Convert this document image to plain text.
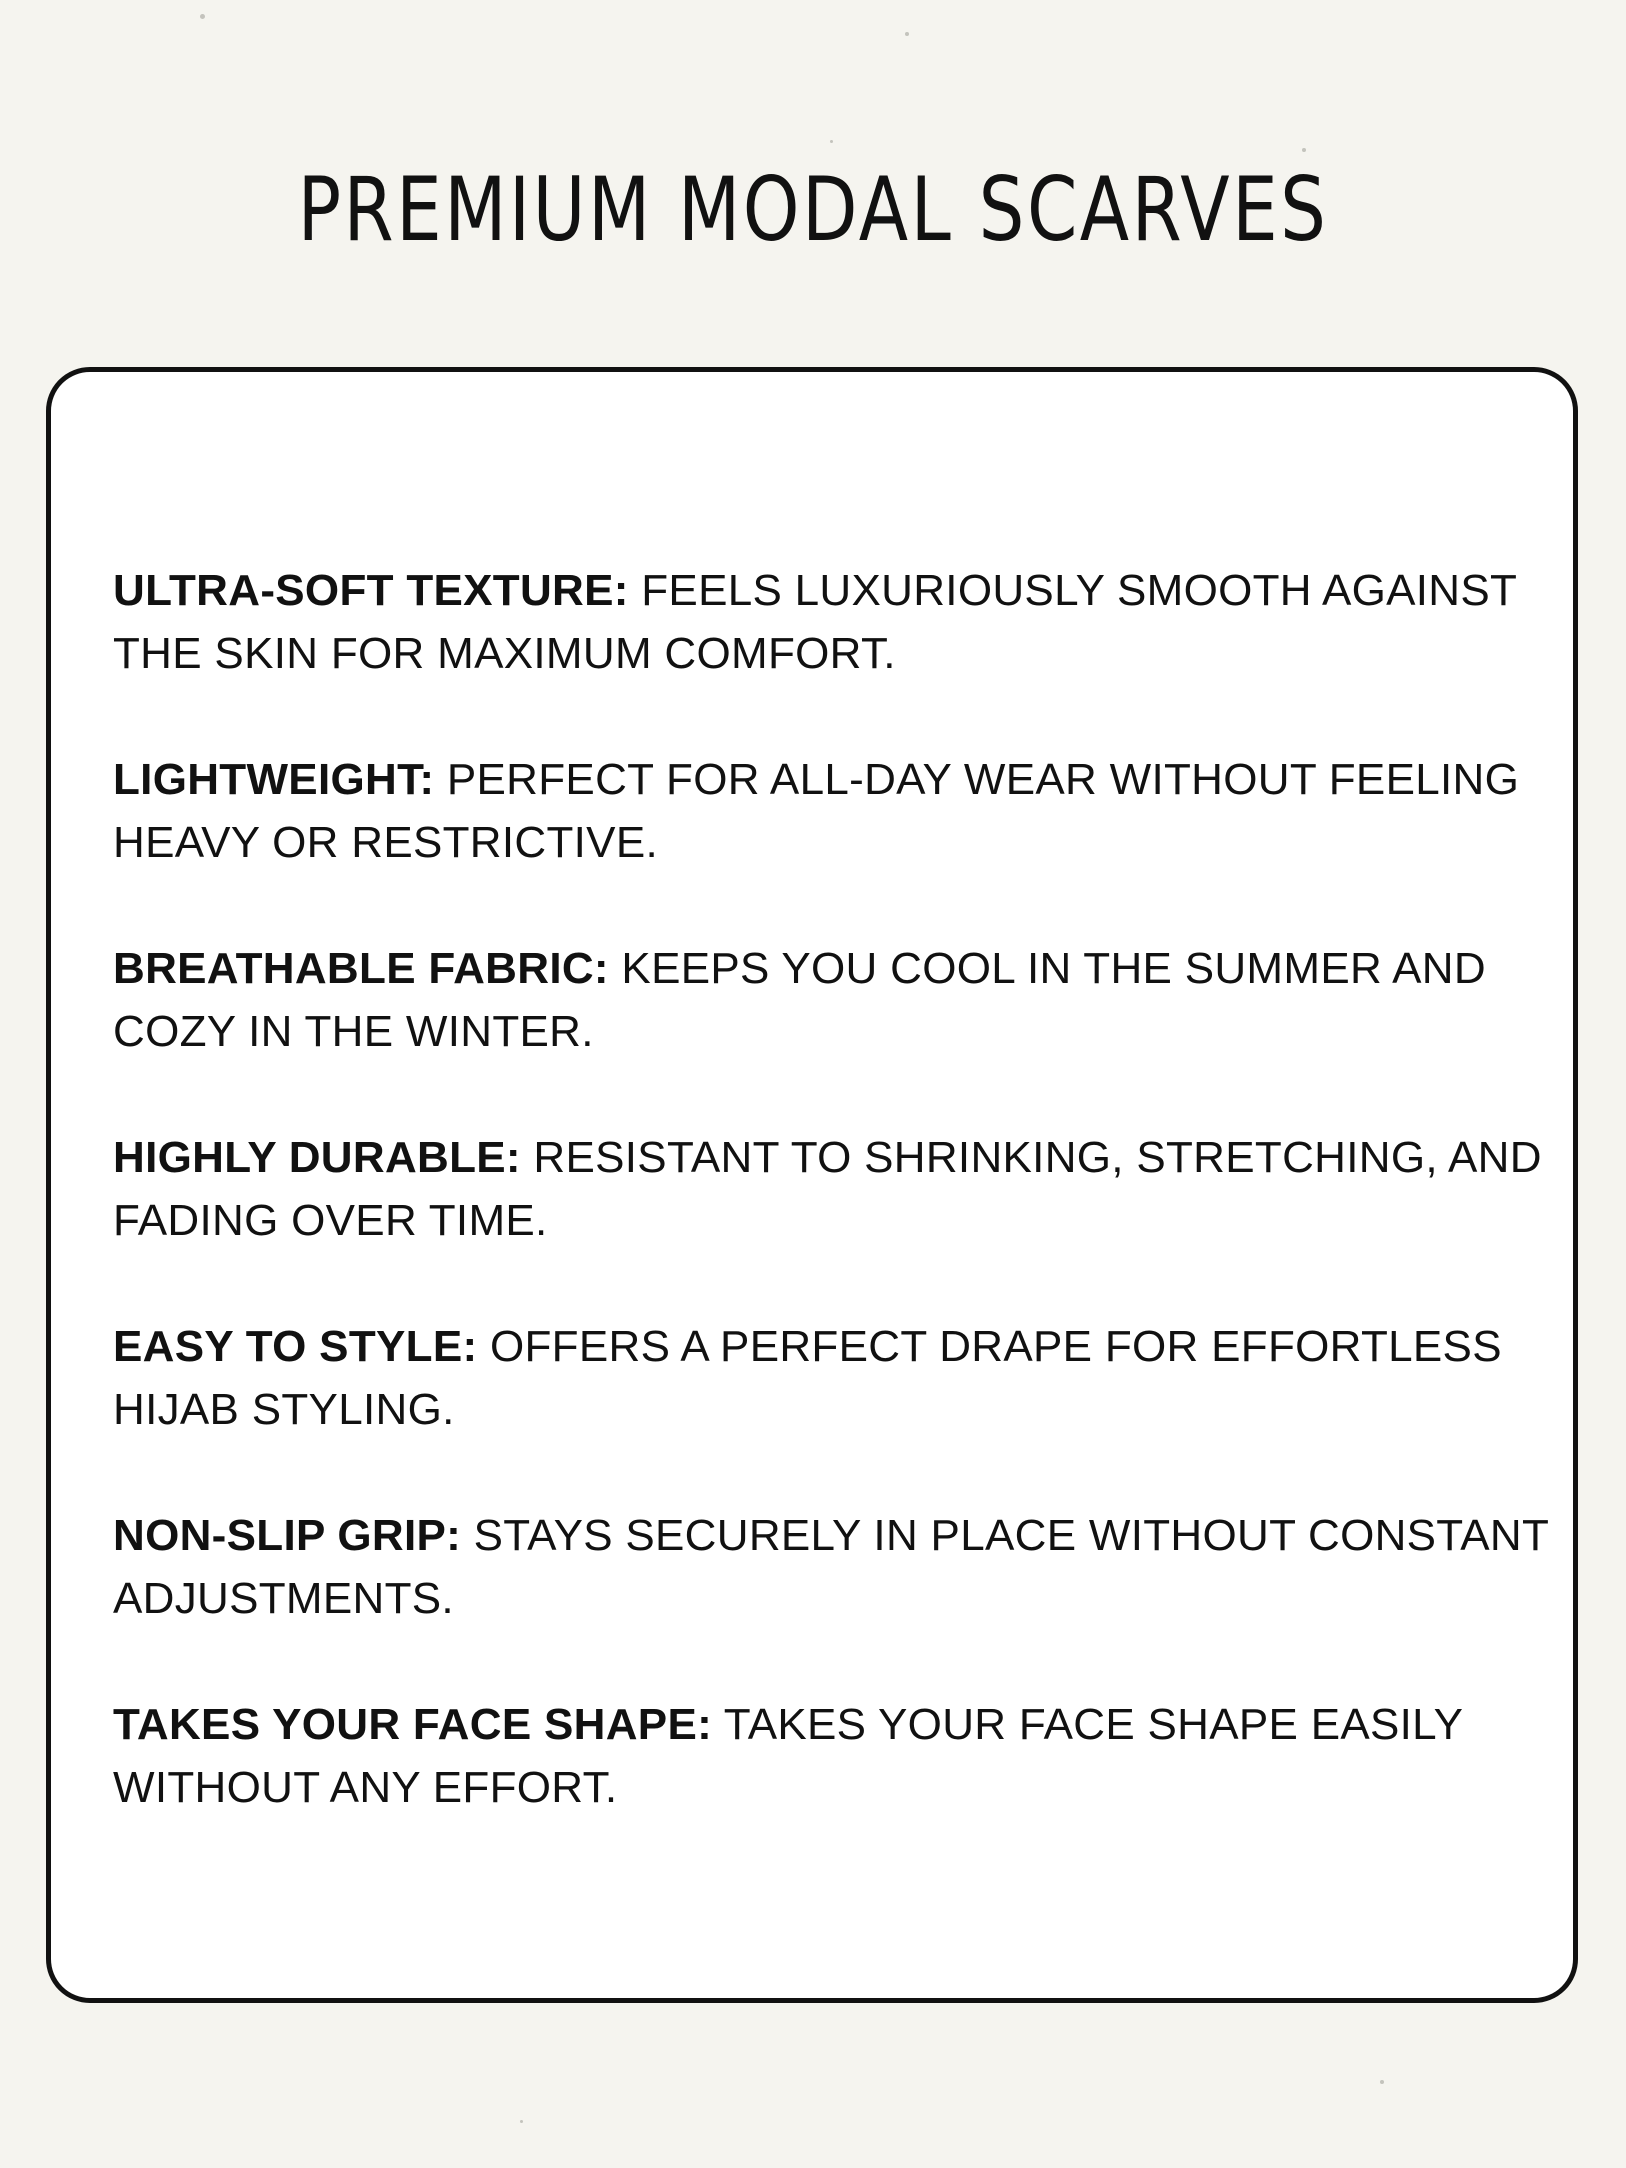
PREMIUM MODAL SCARVES
ULTRA-SOFT TEXTURE: FEELS LUXURIOUSLY SMOOTH AGAINST THE SKIN FOR MAXIMUM COMFORT.
LIGHTWEIGHT: PERFECT FOR ALL-DAY WEAR WITHOUT FEELING HEAVY OR RESTRICTIVE.
BREATHABLE FABRIC: KEEPS YOU COOL IN THE SUMMER AND COZY IN THE WINTER.
HIGHLY DURABLE: RESISTANT TO SHRINKING, STRETCHING, AND FADING OVER TIME.
EASY TO STYLE: OFFERS A PERFECT DRAPE FOR EFFORTLESS HIJAB STYLING.
NON-SLIP GRIP: STAYS SECURELY IN PLACE WITHOUT CONSTANT ADJUSTMENTS.
TAKES YOUR FACE SHAPE: TAKES YOUR FACE SHAPE EASILY WITHOUT ANY EFFORT.
